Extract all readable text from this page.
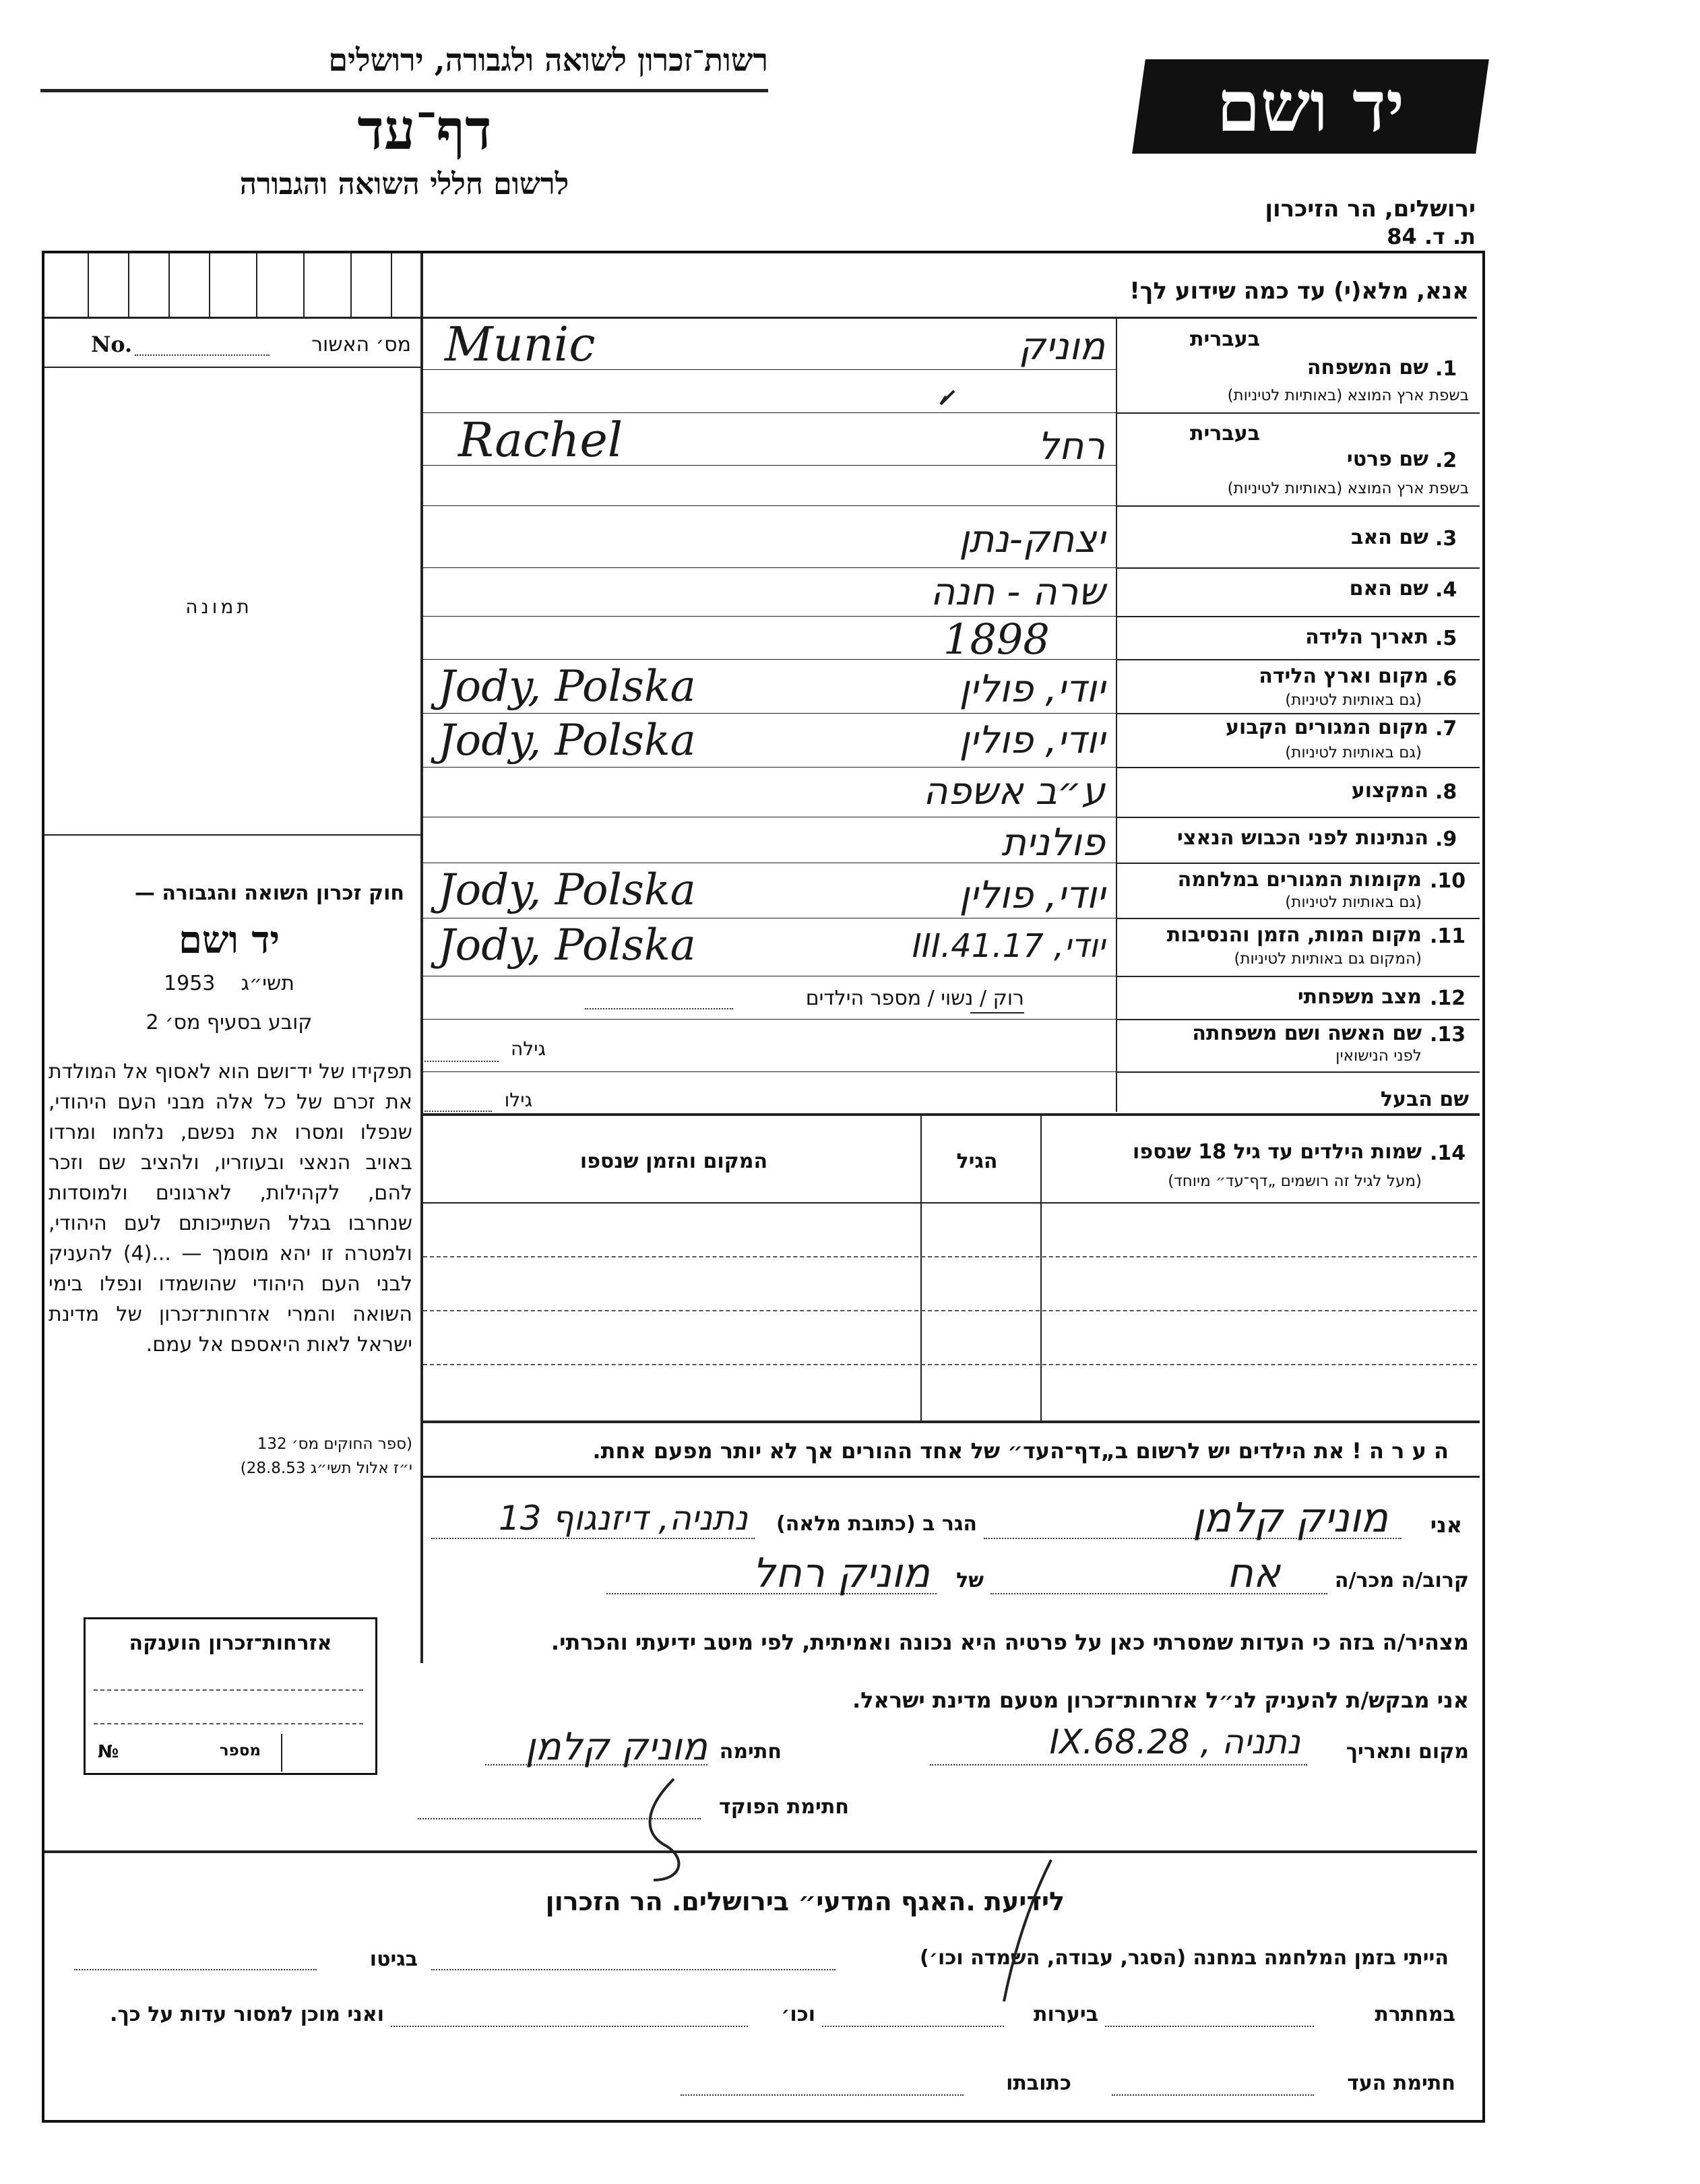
רשות־זכרון לשואה ולגבורה, ירושלים
דף־עד
לרשום חללי השואה והגבורה
יד ושם
ירושלים, הר הזיכרון
ת. ד. 84
אנא, מלא(י) עד כמה שידוע לך!
No.	מס׳ האשור
תמונה
חוק זכרון השואה והגבורה —
יד ושם
1953 תשי״ג
קובע בסעיף מס׳ 2
תפקידו של יד־ושם הוא לאסוף אל המולדת את זכרם של כל אלה מבני העם היהודי, שנפלו ומסרו את נפשם, נלחמו ומרדו באויב הנאצי ובעוזריו, ולהציב שם וזכר להם, לקהילות, לארגונים ולמוסדות שנחרבו בגלל השתייכותם לעם היהודי, ולמטרה זו יהא מוסמך — ...(4) להעניק לבני העם היהודי שהושמדו ונפלו בימי השואה והמרי אזרחות־זכרון של מדינת ישראל לאות היאספם אל עמם.
(ספר החוקים מס׳ 132
י״ז אלול תשי״ג 28.8.53)
1.
שם המשפחה
בעברית
בשפת ארץ המוצא (באותיות לטיניות)
Munic	מוניק
2.
שם פרטי
בעברית
בשפת ארץ המוצא (באותיות לטיניות)
Rachel	רחל
3.
שם האב
יצחק-נתן
4.
שם האם
שרה - חנה
5.
תאריך הלידה
1898
6.
מקום וארץ הלידה
(גם באותיות לטיניות)
Jody, Polska	יודי, פולין
7.
מקום המגורים הקבוע
(גם באותיות לטיניות)
Jody, Polska	יודי, פולין
8.
המקצוע
ע״ב אשפה
9.
הנתינות לפני הכבוש הנאצי
פולנית
10.
מקומות המגורים במלחמה
(גם באותיות לטיניות)
Jody, Polska	יודי, פולין
11.
מקום המות, הזמן והנסיבות
(המקום גם באותיות לטיניות)
Jody, Polska	יודי, 17.III.41
12.
מצב משפחתי
רוק / נשוי / מספר הילדים
13.
שם האשה ושם משפחתה
לפני הנישואין
גילה
שם הבעל
גילו
14.
שמות הילדים עד גיל 18 שנספו
(מעל לגיל זה רושמים „דף־עד״ מיוחד)
הגיל
המקום והזמן שנספו
ה ע ר ה ! את הילדים יש לרשום ב„דף־העד״ של אחד ההורים אך לא יותר מפעם אחת.
אני
מוניק קלמן
הגר ב (כתובת מלאה)
נתניה, דיזנגוף 13
קרוב/ה מכר/ה
אח
של
מוניק רחל
מצהיר/ה בזה כי העדות שמסרתי כאן על פרטיה היא נכונה ואמיתית, לפי מיטב ידיעתי והכרתי.
אני מבקש/ת להעניק לנ״ל אזרחות־זכרון מטעם מדינת ישראל.
מקום ותאריך
נתניה , 28.IX.68
חתימה
מוניק קלמן
חתימת הפוקד
אזרחות־זכרון הוענקה
מספר
№
לידיעת .האגף המדעי״ בירושלים. הר הזכרון
הייתי בזמן המלחמה במחנה (הסגר, עבודה, השמדה וכו׳)
בגיטו
במחתרת
ביערות
וכו׳
ואני מוכן למסור עדות על כך.
חתימת העד
כתובתו
